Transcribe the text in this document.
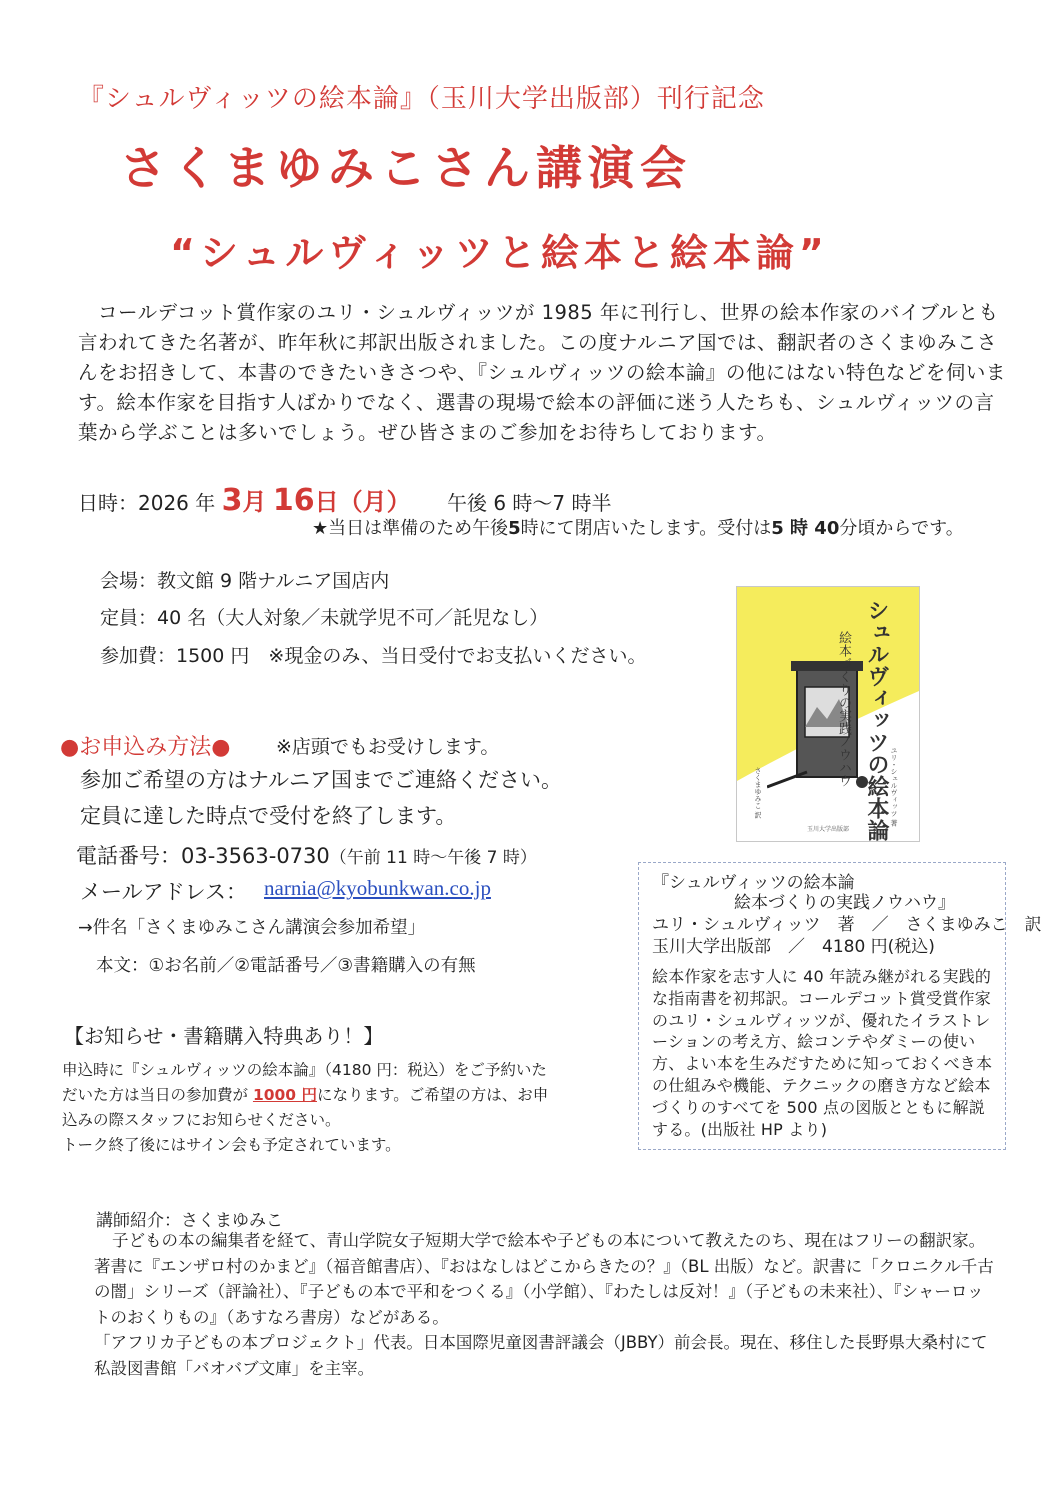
『シュルヴィッツの絵本論』（玉川大学出版部）刊行記念
さくまゆみこさん講演会
“シュルヴィッツと絵本と絵本論”
コールデコット賞作家のユリ・シュルヴィッツが 1985 年に刊行し、世界の絵本作家のバイブルとも言われてきた名著が、昨年秋に邦訳出版されました。この度ナルニア国では、翻訳者のさくまゆみこさんをお招きして、本書のできたいきさつや、『シュルヴィッツの絵本論』の他にはない特色などを伺います。絵本作家を目指す人ばかりでなく、選書の現場で絵本の評価に迷う人たちも、シュルヴィッツの言葉から学ぶことは多いでしょう。ぜひ皆さまのご参加をお待ちしております。
日時：2026 年 3月 16日（月） 午後 6 時〜7 時半
★当日は準備のため午後5時にて閉店いたします。受付は5 時 40分頃からです。
会場：教文館 9 階ナルニア国店内
定員：40 名（大人対象／未就学児不可／託児なし）
参加費：1500 円　※現金のみ、当日受付でお支払いください。
●お申込み方法● ※店頭でもお受けします。
参加ご希望の方はナルニア国までご連絡ください。
定員に達した時点で受付を終了します。
電話番号：03-3563-0730（午前 11 時〜午後 7 時）
メールアドレス： narnia@kyobunkwan.co.jp
→件名「さくまゆみこさん講演会参加希望」
本文：①お名前／②電話番号／③書籍購入の有無
【お知らせ・書籍購入特典あり！】
申込時に『シュルヴィッツの絵本論』（4180 円：税込）をご予約いただいた方は当日の参加費が 1000 円になります。ご希望の方は、お申込みの際スタッフにお知らせください。
トーク終了後にはサイン会も予定されています。
シュルヴィッツの絵本論
絵本づくりの実践ノウハウ	ユリ・シュルヴィッツ 著
さくまゆみこ 訳
玉川大学出版部
『シュルヴィッツの絵本論
絵本づくりの実践ノウハウ』
ユリ・シュルヴィッツ　著　／　さくまゆみこ　訳
玉川大学出版部　／　4180 円(税込)
絵本作家を志す人に 40 年読み継がれる実践的な指南書を初邦訳。コールデコット賞受賞作家のユリ・シュルヴィッツが、優れたイラストレーションの考え方、絵コンテやダミーの使い方、よい本を生みだすために知っておくべき本の仕組みや機能、テクニックの磨き方など絵本づくりのすべてを 500 点の図版とともに解説する。(出版社 HP より)
講師紹介：さくまゆみこ

子どもの本の編集者を経て、青山学院女子短期大学で絵本や子どもの本について教えたのち、現在はフリーの翻訳家。著書に『エンザロ村のかまど』（福音館書店）、『おはなしはどこからきたの？』（BL 出版）など。訳書に「クロニクル千古の闇」シリーズ（評論社）、『子どもの本で平和をつくる』（小学館）、『わたしは反対！』（子どもの未来社）、『シャーロットのおくりもの』（あすなろ書房）などがある。

「アフリカ子どもの本プロジェクト」代表。日本国際児童図書評議会（JBBY）前会長。現在、移住した長野県大桑村にて私設図書館「バオバブ文庫」を主宰。
